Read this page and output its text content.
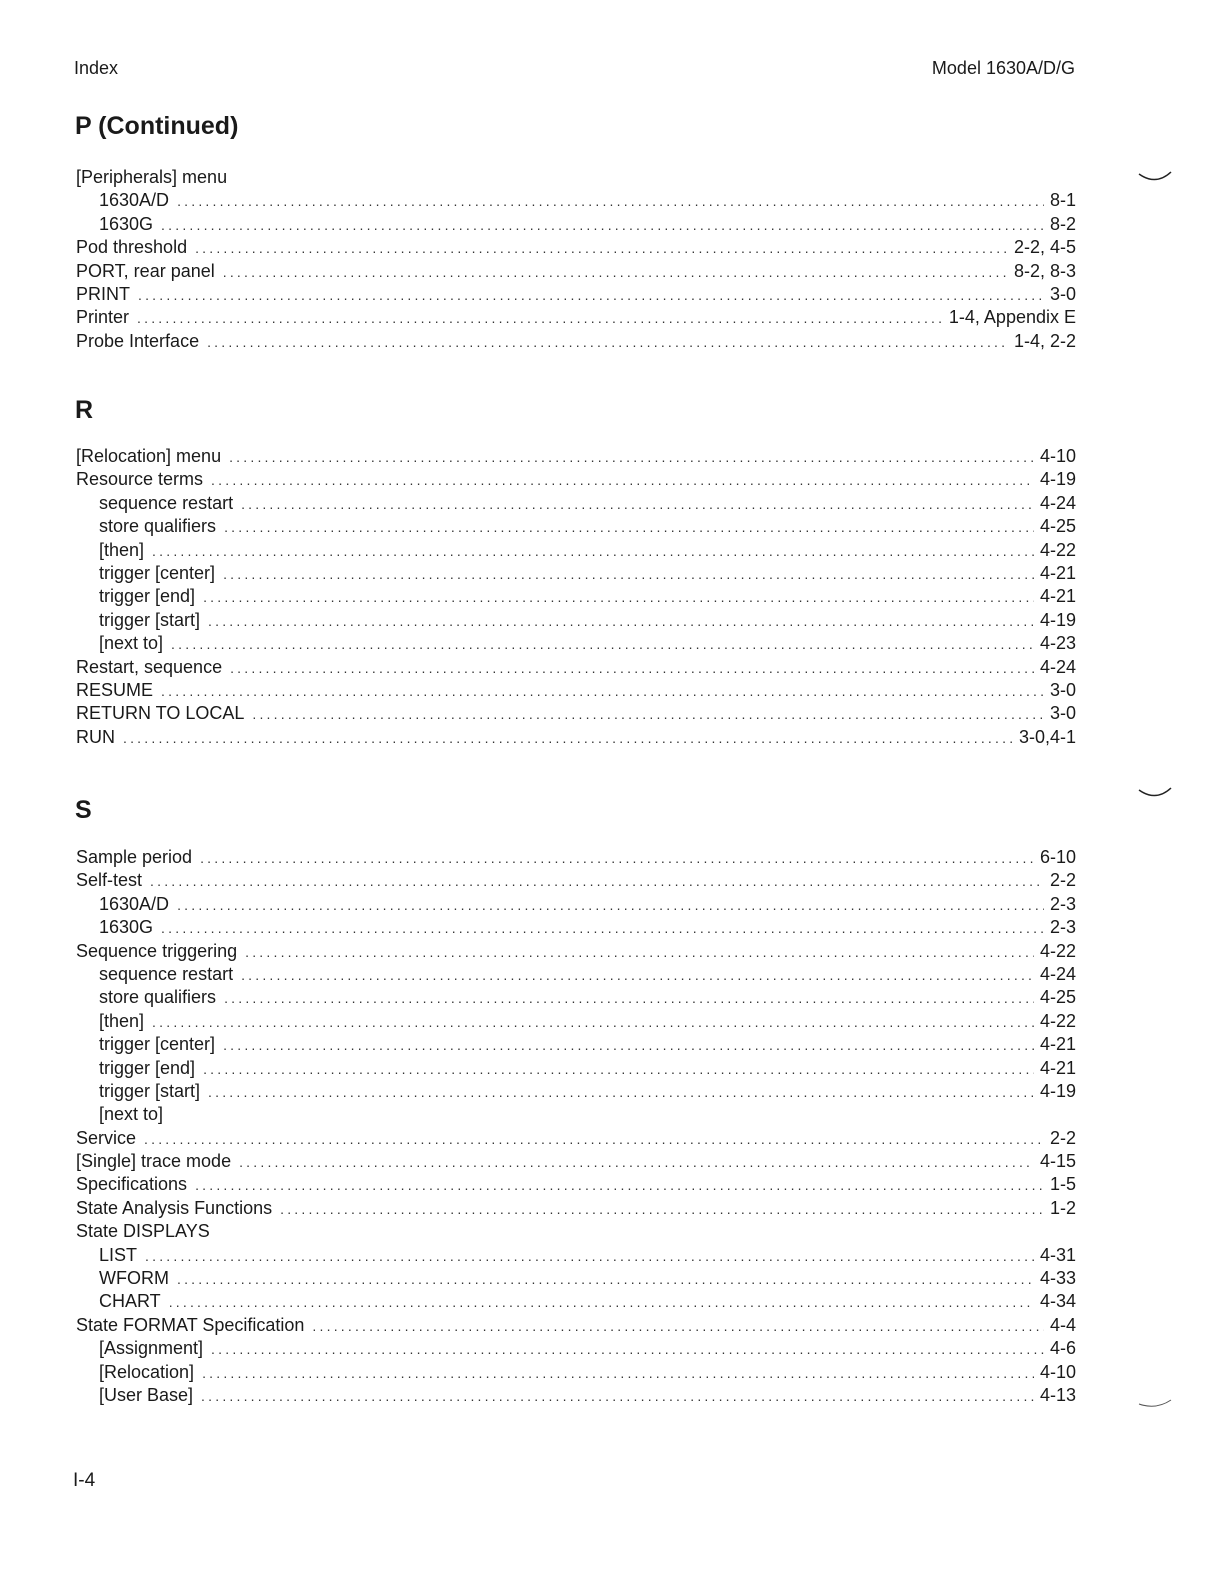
Index	Model 1630A/D/G
P (Continued)
[Peripherals] menu
1630A/D .....	8-1
1630G .....	8-2
Pod threshold .....	2-2, 4-5
PORT, rear panel .....	8-2, 8-3
PRINT .....	3-0
Printer .....	1-4, Appendix E
Probe Interface .....	1-4, 2-2
R
[Relocation] menu .....	4-10
Resource terms .....	4-19
sequence restart .....	4-24
store qualifiers .....	4-25
[then] .....	4-22
trigger [center] .....	4-21
trigger [end] .....	4-21
trigger [start] .....	4-19
[next to] .....	4-23
Restart, sequence .....	4-24
RESUME .....	3-0
RETURN TO LOCAL .....	3-0
RUN .....	3-0,4-1
S
Sample period .....	6-10
Self-test .....	2-2
1630A/D .....	2-3
1630G .....	2-3
Sequence triggering .....	4-22
sequence restart .....	4-24
store qualifiers .....	4-25
[then] .....	4-22
trigger [center] .....	4-21
trigger [end] .....	4-21
trigger [start] .....	4-19
[next to]
Service .....	2-2
[Single] trace mode .....	4-15
Specifications .....	1-5
State Analysis Functions .....	1-2
State DISPLAYS
LIST .....	4-31
WFORM .....	4-33
CHART .....	4-34
State FORMAT Specification .....	4-4
[Assignment] .....	4-6
[Relocation] .....	4-10
[User Base] .....	4-13
I-4
